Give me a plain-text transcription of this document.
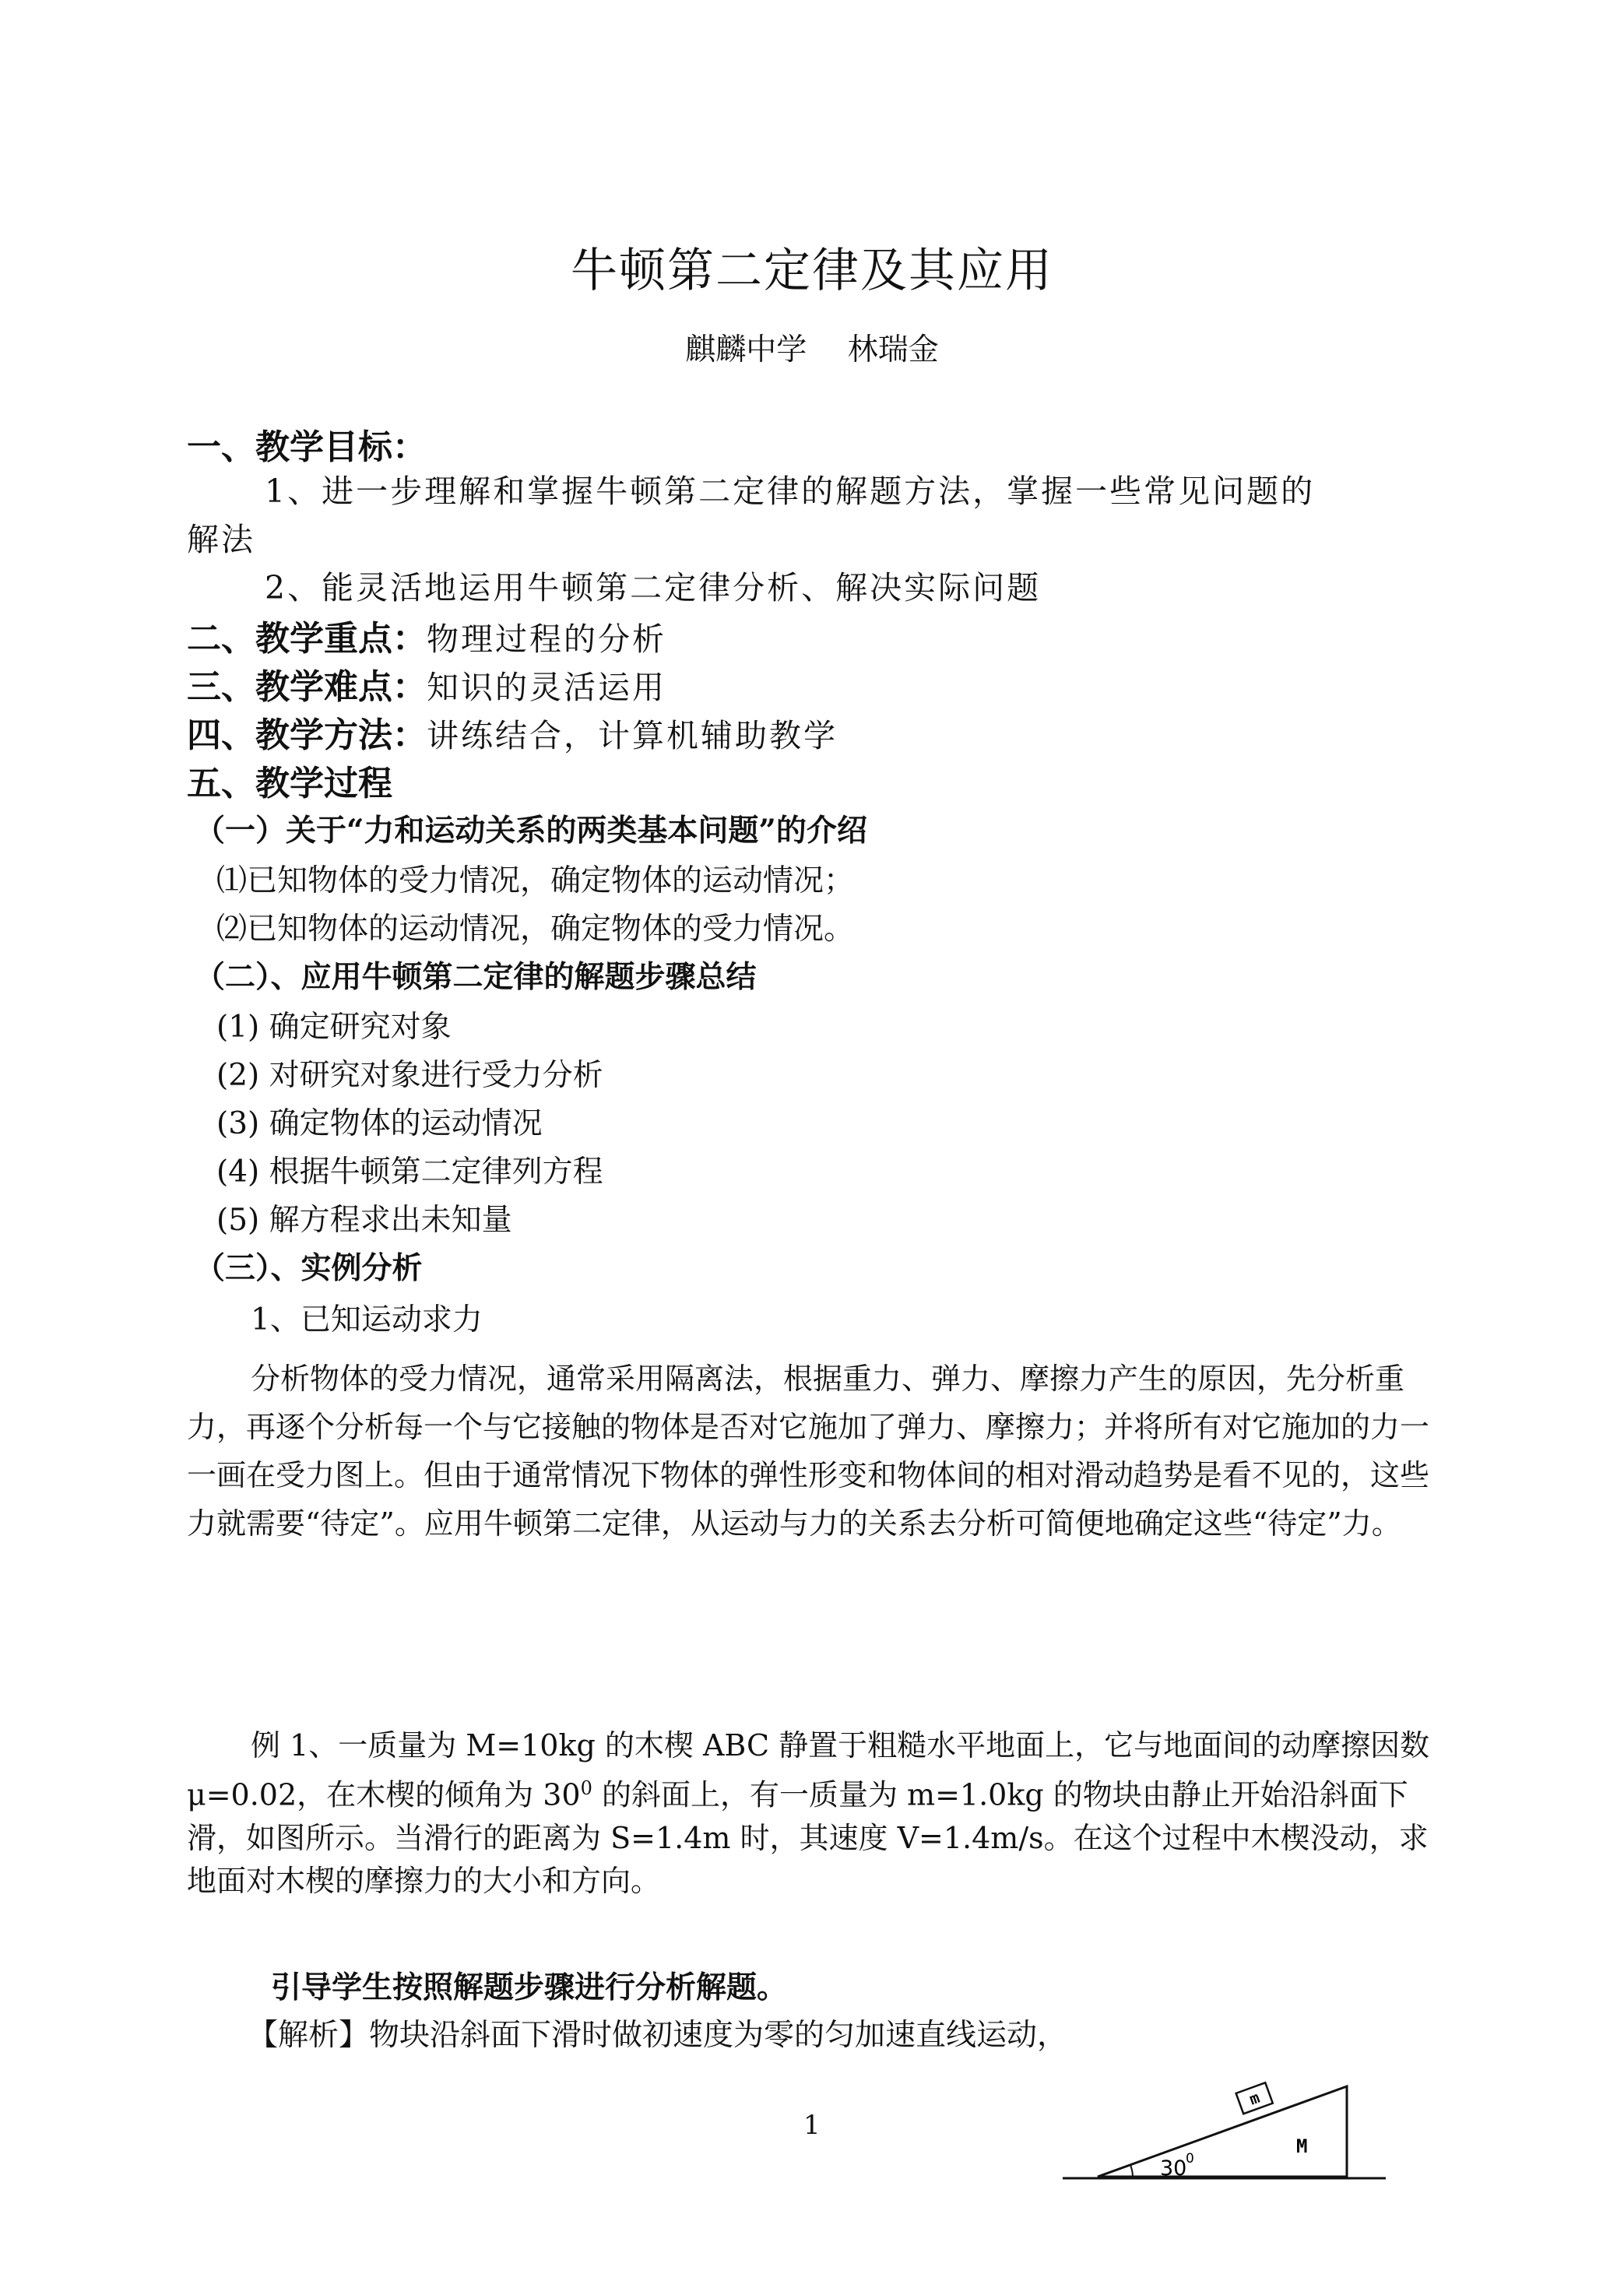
牛顿第二定律及其应用
麒麟中学 林瑞金
一、教学目标：
1、进一步理解和掌握牛顿第二定律的解题方法，掌握一些常见问题的
解法
2、能灵活地运用牛顿第二定律分析、解决实际问题
二、教学重点：物理过程的分析
三、教学难点：知识的灵活运用
四、教学方法：讲练结合，计算机辅助教学
五、教学过程
（一）关于“力和运动关系的两类基本问题”的介绍
⑴已知物体的受力情况，确定物体的运动情况；
⑵已知物体的运动情况，确定物体的受力情况。
（二）、应用牛顿第二定律的解题步骤总结
(1) 确定研究对象
(2) 对研究对象进行受力分析
(3) 确定物体的运动情况
(4) 根据牛顿第二定律列方程
(5) 解方程求出未知量
（三）、实例分析
1、已知运动求力
分析物体的受力情况，通常采用隔离法，根据重力、弹力、摩擦力产生的原因，先分析重力，再逐个分析每一个与它接触的物体是否对它施加了弹力、摩擦力；并将所有对它施加的力一一画在受力图上。但由于通常情况下物体的弹性形变和物体间的相对滑动趋势是看不见的，这些力就需要“待定”。应用牛顿第二定律，从运动与力的关系去分析可简便地确定这些“待定”力。
例 1、一质量为 M=10kg 的木楔 ABC 静置于粗糙水平地面上，它与地面间的动摩擦因数μ=0.02，在木楔的倾角为 $30^0$ 的斜面上，有一质量为 m=1.0kg 的物块由静止开始沿斜面下滑，如图所示。当滑行的距离为 S=1.4m 时，其速度 V=1.4m/s。在这个过程中木楔没动，求地面对木楔的摩擦力的大小和方向。
引导学生按照解题步骤进行分析解题。
【解析】物块沿斜面下滑时做初速度为零的匀加速直线运动，
1
m
M
30
0
